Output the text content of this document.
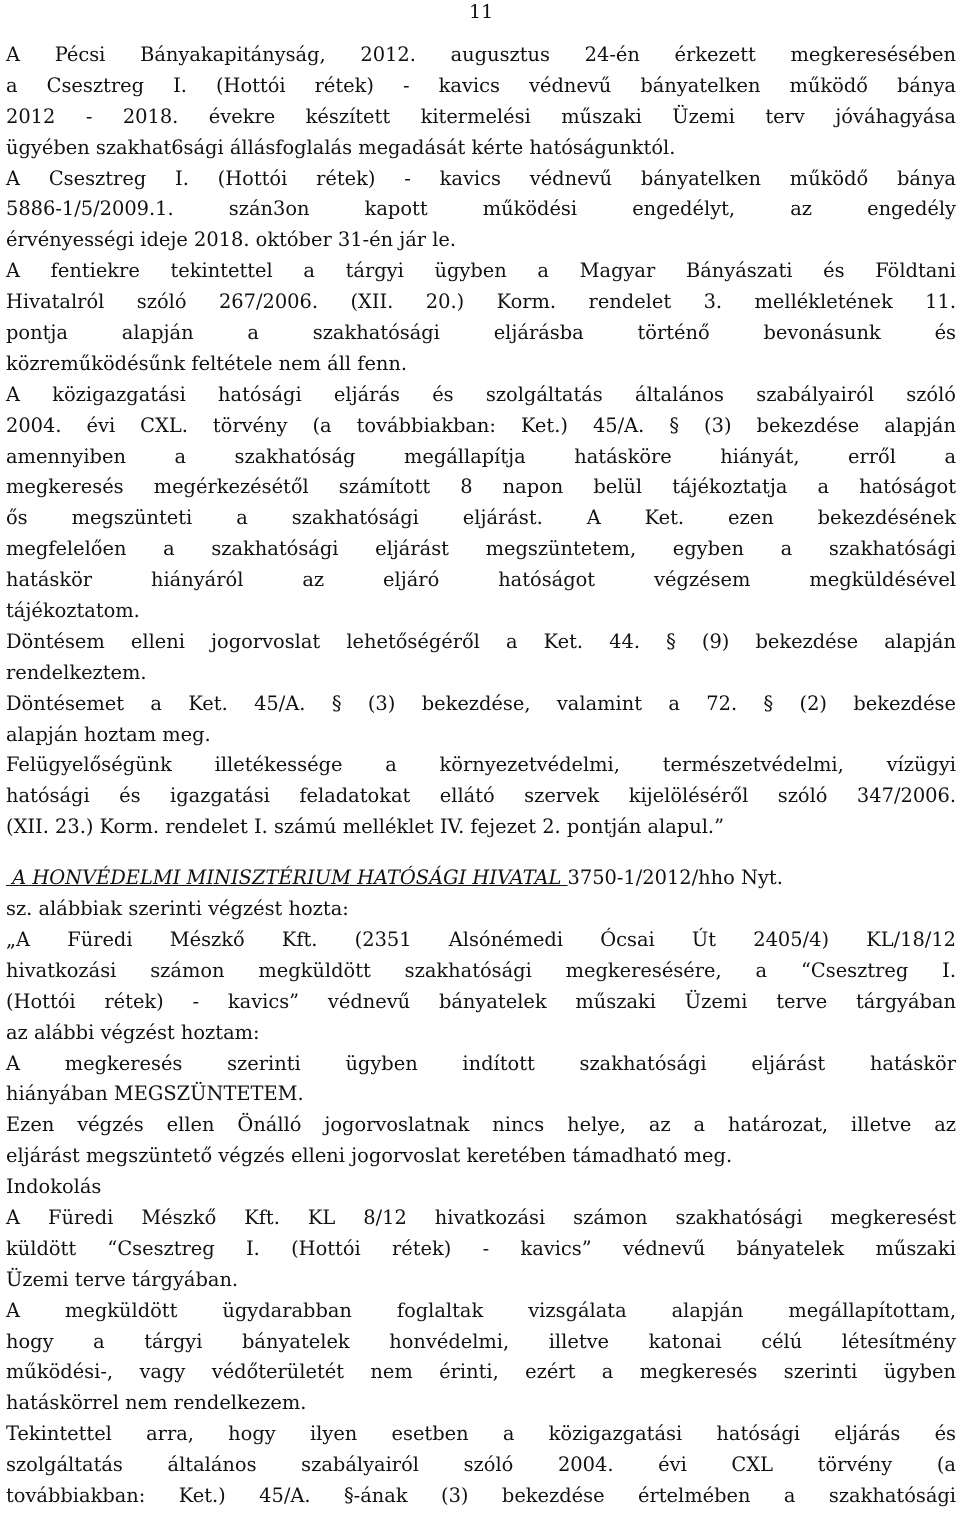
11
A Pécsi Bányakapitányság, 2012. augusztus 24-én érkezett megkeresésében
a Csesztreg I. (Hottói rétek) - kavics védnevű bányatelken működő bánya
2012 - 2018. évekre készített kitermelési műszaki Üzemi terv jóváhagyása
ügyében szakhat6sági állásfoglalás megadását kérte hatóságunktól.
A Csesztreg I. (Hottói rétek) - kavics védnevű bányatelken működő bánya
5886-1/5/2009.1. szán3on kapott működési engedélyt, az engedély
érvényességi ideje 2018. október 31-én jár le.
A fentiekre tekintettel a tárgyi ügyben a Magyar Bányászati és Földtani
Hivatalról szóló 267/2006. (XII. 20.) Korm. rendelet 3. mellékletének 11.
pontja alapján a szakhatósági eljárásba történő bevonásunk és
közreműködésűnk feltétele nem áll fenn.
A közigazgatási hatósági eljárás és szolgáltatás általános szabályairól szóló
2004. évi CXL. törvény (a továbbiakban: Ket.) 45/A. § (3) bekezdése alapján
amennyiben a szakhatóság megállapítja hatásköre hiányát, erről a
megkeresés megérkezésétől számított 8 napon belül tájékoztatja a hatóságot
ős megszünteti a szakhatósági eljárást. A Ket. ezen bekezdésének
megfelelően a szakhatósági eljárást megszüntetem, egyben a szakhatósági
hatáskör hiányáról az eljáró hatóságot végzésem megküldésével
tájékoztatom.
Döntésem elleni jogorvoslat lehetőségéről a Ket. 44. § (9) bekezdése alapján
rendelkeztem.
Döntésemet a Ket. 45/A. § (3) bekezdése, valamint a 72. § (2) bekezdése
alapján hoztam meg.
Felügyelőségünk illetékessége a környezetvédelmi, természetvédelmi, vízügyi
hatósági és igazgatási feladatokat ellátó szervek kijelöléséről szóló 347/2006.
(XII. 23.) Korm. rendelet I. számú melléklet IV. fejezet 2. pontján alapul.”
A HONVÉDELMI MINISZTÉRIUM HATÓSÁGI HIVATAL 3750-1/2012/hho Nyt.
sz. alábbiak szerinti végzést hozta:
„A Füredi Mészkő Kft. (2351 Alsónémedi Ócsai Út 2405/4) KL/18/12
hivatkozási számon megküldött szakhatósági megkeresésére, a “Csesztreg I.
(Hottói rétek) - kavics” védnevű bányatelek műszaki Üzemi terve tárgyában
az alábbi végzést hoztam:
A megkeresés szerinti ügyben indított szakhatósági eljárást hatáskör
hiányában MEGSZÜNTETEM.
Ezen végzés ellen Önálló jogorvoslatnak nincs helye, az a határozat, illetve az
eljárást megszüntető végzés elleni jogorvoslat keretében támadható meg.
Indokolás
A Füredi Mészkő Kft. KL 8/12 hivatkozási számon szakhatósági megkeresést
küldött “Csesztreg I. (Hottói rétek) - kavics” védnevű bányatelek műszaki
Üzemi terve tárgyában.
A megküldött ügydarabban foglaltak vizsgálata alapján megállapítottam,
hogy a tárgyi bányatelek honvédelmi, illetve katonai célú létesítmény
működési-, vagy védőterületét nem érinti, ezért a megkeresés szerinti ügyben
hatáskörrel nem rendelkezem.
Tekintettel arra, hogy ilyen esetben a közigazgatási hatósági eljárás és
szolgáltatás általános szabályairól szóló 2004. évi CXL törvény (a
továbbiakban: Ket.) 45/A. §-ának (3) bekezdése értelmében a szakhatósági
